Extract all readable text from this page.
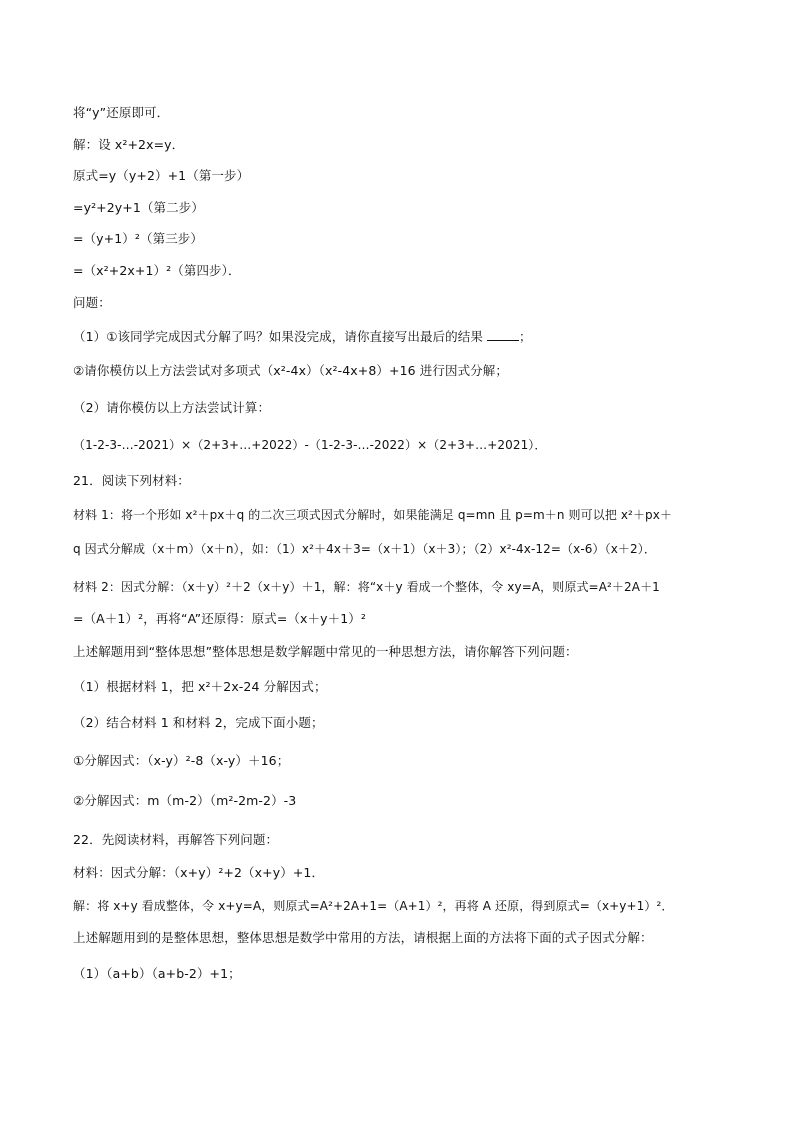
将“y”还原即可．
解：设 x²+2x=y．
原式=y（y+2）+1（第一步）
=y²+2y+1（第二步）
=（y+1）²（第三步）
=（x²+2x+1）²（第四步）．
问题：
（1）①该同学完成因式分解了吗？如果没完成，请你直接写出最后的结果	；
②请你模仿以上方法尝试对多项式（x²-4x）（x²-4x+8）+16 进行因式分解；
（2）请你模仿以上方法尝试计算：
（1-2-3-…-2021）×（2+3+…+2022）-（1-2-3-…-2022）×（2+3+…+2021）．
21．阅读下列材料：
材料 1：将一个形如 x²＋px＋q 的二次三项式因式分解时，如果能满足 q=mn 且 p=m＋n 则可以把 x²＋px＋
q 因式分解成（x＋m）（x＋n），如：（1）x²＋4x＋3=（x＋1）（x＋3）；（2）x²-4x-12=（x-6）（x＋2）．
材料 2：因式分解：（x＋y）²＋2（x＋y）＋1，解：将“x＋y 看成一个整体，令 xy=A，则原式=A²＋2A＋1
=（A＋1）²，再将“A”还原得：原式=（x＋y＋1）²
上述解题用到“整体思想”整体思想是数学解题中常见的一种思想方法，请你解答下列问题：
（1）根据材料 1，把 x²＋2x-24 分解因式；
（2）结合材料 1 和材料 2，完成下面小题；
①分解因式：（x-y）²-8（x-y）＋16；
②分解因式：m（m-2）（m²-2m-2）-3
22．先阅读材料，再解答下列问题：
材料：因式分解：（x+y）²+2（x+y）+1．
解：将 x+y 看成整体，令 x+y=A，则原式=A²+2A+1=（A+1）²，再将 A 还原，得到原式=（x+y+1）²．
上述解题用到的是整体思想，整体思想是数学中常用的方法，请根据上面的方法将下面的式子因式分解：
（1）（a+b）（a+b-2）+1；
